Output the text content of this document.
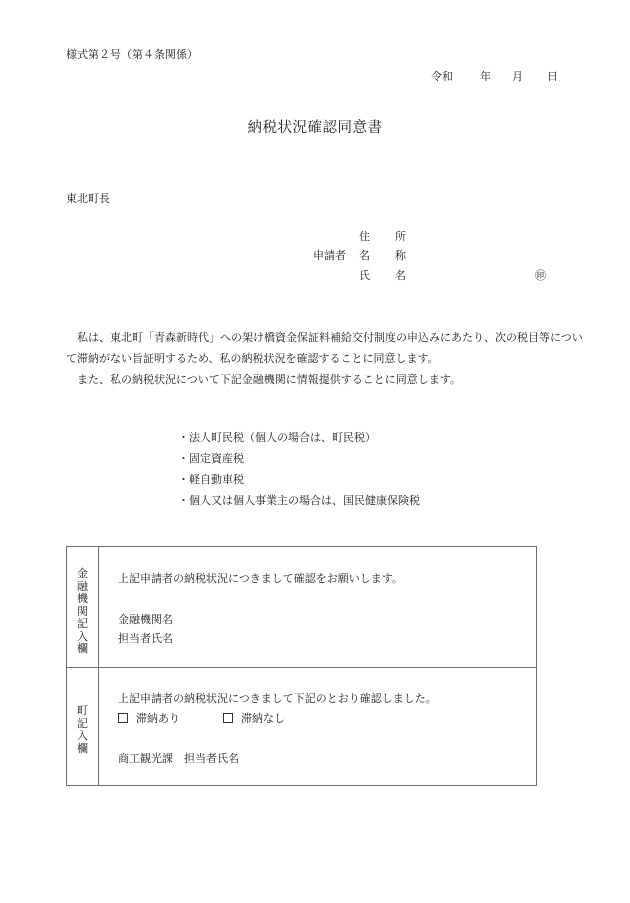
様式第２号（第４条関係）
令和 年 月 日
納税状況確認同意書
東北町長
申請者
住 所
名 称
氏 名	㊞
私は、東北町「青森新時代」への架け橋資金保証料補給交付制度の申込みにあたり、次の税目等について滞納がない旨証明するため、私の納税状況を確認することに同意します。
また、私の納税状況について下記金融機関に情報提供することに同意します。
・法人町民税（個人の場合は、町民税）
・固定資産税
・軽自動車税
・個人又は個人事業主の場合は、国民健康保険税
金
融
機
関
記
入
欄
上記申請者の納税状況につきまして確認をお願いします。
金融機関名
担当者氏名
町
記
入
欄
上記申請者の納税状況につきまして下記のとおり確認しました。
滞納あり	滞納なし
商工観光課 担当者氏名
